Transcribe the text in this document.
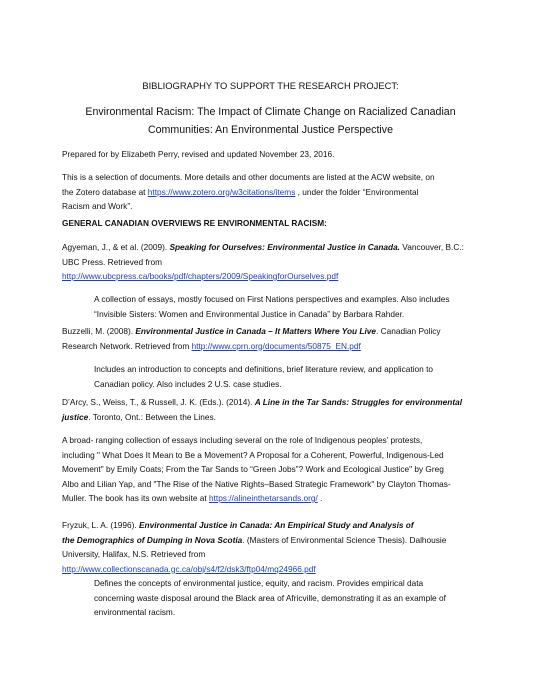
BIBLIOGRAPHY TO SUPPORT THE RESEARCH PROJECT:

Environmental Racism: The Impact of Climate Change on Racialized Canadian
Communities: An Environmental Justice Perspective

Prepared for by Elizabeth Perry, revised and updated November 23, 2016.

This is a selection of documents. More details and other documents are listed at the ACW website, on
the Zotero database at https://www.zotero.org/w3citations/items , under the folder “Environmental
Racism and Work”.

GENERAL CANADIAN OVERVIEWS RE ENVIRONMENTAL RACISM:

Agyeman, J., & et al. (2009). Speaking for Ourselves: Environmental Justice in Canada. Vancouver, B.C.:
UBC Press. Retrieved from
http://www.ubcpress.ca/books/pdf/chapters/2009/SpeakingforOurselves.pdf

A collection of essays, mostly focused on First Nations perspectives and examples. Also includes
“Invisible Sisters: Women and Environmental Justice in Canada” by Barbara Rahder.

Buzzelli, M. (2008). Environmental Justice in Canada – It Matters Where You Live. Canadian Policy
Research Network. Retrieved from http://www.cprn.org/documents/50875_EN.pdf

Includes an introduction to concepts and definitions, brief literature review, and application to
Canadian policy. Also includes 2 U.S. case studies.

D’Arcy, S., Weiss, T., & Russell, J. K. (Eds.). (2014). A Line in the Tar Sands: Struggles for environmental
justice. Toronto, Ont.: Between the Lines.

A broad- ranging collection of essays including several on the role of Indigenous peoples’ protests,
including " What Does It Mean to Be a Movement? A Proposal for a Coherent, Powerful, Indigenous-Led
Movement" by Emily Coats; From the Tar Sands to “Green Jobs”? Work and Ecological Justice" by Greg
Albo and Lilian Yap, and "The Rise of the Native Rights–Based Strategic Framework" by Clayton Thomas-
Muller. The book has its own website at https://alineinthetarsands.org/ .

Fryzuk, L. A. (1996). Environmental Justice in Canada: An Empirical Study and Analysis of
the Demographics of Dumping in Nova Scotia. (Masters of Environmental Science Thesis). Dalhousie
University, Halifax, N.S. Retrieved from
http://www.collectionscanada.gc.ca/obj/s4/f2/dsk3/ftp04/mq24966.pdf

Defines the concepts of environmental justice, equity, and racism. Provides empirical data
concerning waste disposal around the Black area of Africville, demonstrating it as an example of
environmental racism.
